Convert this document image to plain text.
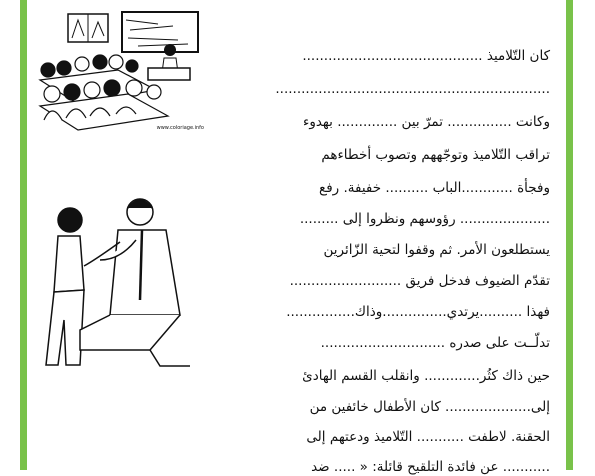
www.coloriage.info
كان التّلاميذ ..........................................
................................................................
وكانت ............... تمرّ بين .............. بهدوء
تراقب التّلاميذ وتوجّههم وتصوب أخطاءهم
وفجأة ............الباب .......... خفيفة. رفع
..................... رؤوسهم ونظروا إلى .........
يستطلعون الأمر. ثم وقفوا لتحية الزّائرين
تقدّم الضيوف فدخل فريق ..........................
فهذا ..........يرتدي...............وذاك................
تدلّــت على صدره .............................
حين ذاك كثُر............. وانقلب القسم الهادئ
إلى.................... كان الأطفال خائفين من
الحقنة. لاطفت ........... التّلاميذ ودعتهم إلى
........... عن فائدة التلقيح قائلة: « ..... ضد
